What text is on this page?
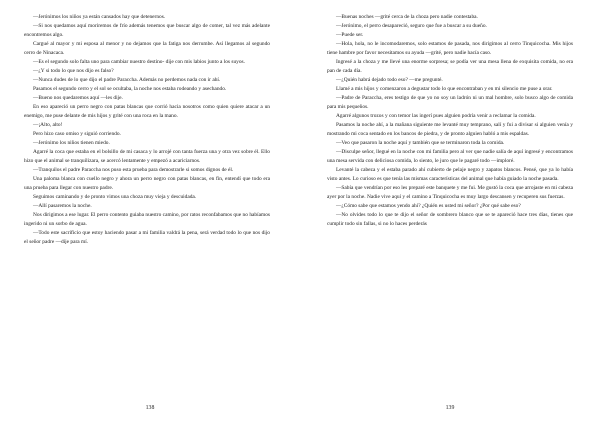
—Jerónimos los niños ya están cansados hay que detenernos.

—Si nos quedamos aquí moriremos de frío además tenemos que buscar algo de comer, tal vez más adelante encontremos algo.

Cargué al mayor y mi esposa al menor y no dejamos que la fatiga nos derrumbe. Así llegamos al segundo cerro de Ninacaca.

—Es el segundo solo falta uno para cambiar nuestro destino- dije con mis labios junto a los suyos.

—¿Y si todo lo que nos dijo es falso?

—Nunca dudes de lo que dijo el padre Paraccha. Además no perdemos nada con ir ahí.

Pasamos el segundo cerro y el sol se ocultaba, la noche nos estaba rodeando y asechando.

—Bueno nos quedaremos aquí —les dije.

En eso apareció un perro negro con patas blancas que corrió hacia nosotros como quien quiere atacar a un enemigo, me puse delante de mis hijos y grité con una roca en la mano.

—¡Alto, alto!

Pero hizo caso omiso y siguió corriendo.

—Jerónimo los niños tienen miedo.

Agarré la coca que estaba en el bolsillo de mi casaca y lo arrojé con tanta fuerza una y otra vez sobre él. Ello hizo que el animal se tranquilizara, se acercó lentamente y empezó a acariciarnos.

—Tranquilos el padre Paraccha nos puso esta prueba para demostrarle si somos dignos de él.

Una paloma blanca con cuello negro y ahora un perro negro con patas blancas, en fin, entendí que todo era una prueba para llegar con nuestro padre.

Seguimos caminando y de pronto vimos una choza muy vieja y descuidada.

—Allí pasaremos la noche.

Nos dirigimos a ese lugar. El perro contento guiaba nuestro camino, por ratos reconfabamos que no habíamos ingerido ni un sorbo de agua.

—Todo este sacrificio que estoy haciendo pasar a mi familia valdrá la pena, será verdad todo lo que nos dijo el señor padre —dije para mí.

—Buenas noches —grité cerca de la choza pero nadie contestaba.

—Jerónimo, el perro desapareció, seguro que fue a buscar a su dueño.

—Puede ser.

—Hola, hola, no le incomodaremos, solo estamos de pasada, nos dirigimos al cerro Tinquicocha. Mis hijos tiene hambre por favor necesitamos su ayuda —grité, pero nadie hacía caso.

Ingresé a la choza y me llevé una enorme sorpresa; se podía ver una mesa llena de exquisita comida, no era pan de cada día.

—¿Quién habrá dejado todo eso? —me pregunté.

Llamé a mis hijos y comenzaron a degustar todo lo que encontraban y en mi silencio me puse a orar.

—Padre de Paraccha, eres testigo de que yo no soy un ladrón ni un mal hombre, solo busco algo de comida para mis pequeños.

Agarré algunos trozos y con temor las ingerí pues alguien podría venir a reclamar la comida.

Pasamos la noche ahí, a la mañana siguiente me levanté muy temprano, salí y fui a divisar si alguien venía y mostrando mi coca sentado en los bancos de piedra, y de pronto alguien habló a mis espaldas.

—Veo que pasaron la noche aquí y también que se terminaron toda la comida.

—Disculpe señor, llegué en la noche con mi familia pero al ver que nadie salía de aquí ingresé y encontramos una mesa servida con deliciosa comida, lo siento, le juro que le pagaré todo —imploré.

Levanté la cabeza y el estaba parado ahí cubierto de pelaje negro y zapatos blancos. Pensé, que ya lo había visto antes. Lo curioso es que tenía las mismas características del animal que había guiado la noche pasada.

—Sabía que vendrían por eso les preparé este banquete y me fui. Me gustó la coca que arrojaste en mi cabeza ayer por la noche. Nadie vive aquí y el camino a Tinquicocha es muy largo descansen y recuperen sus fuerzas.

—¿Cómo sabe que estamos yendo ahí? ¿Quién es usted mi señor? ¿Por qué sabe eso?

—No olvides todo lo que te dijo el señor de sombrero blanco que se te apareció hace tres días, tienes que cumplir todo sin fallas, si no lo haces perderás

138	139
